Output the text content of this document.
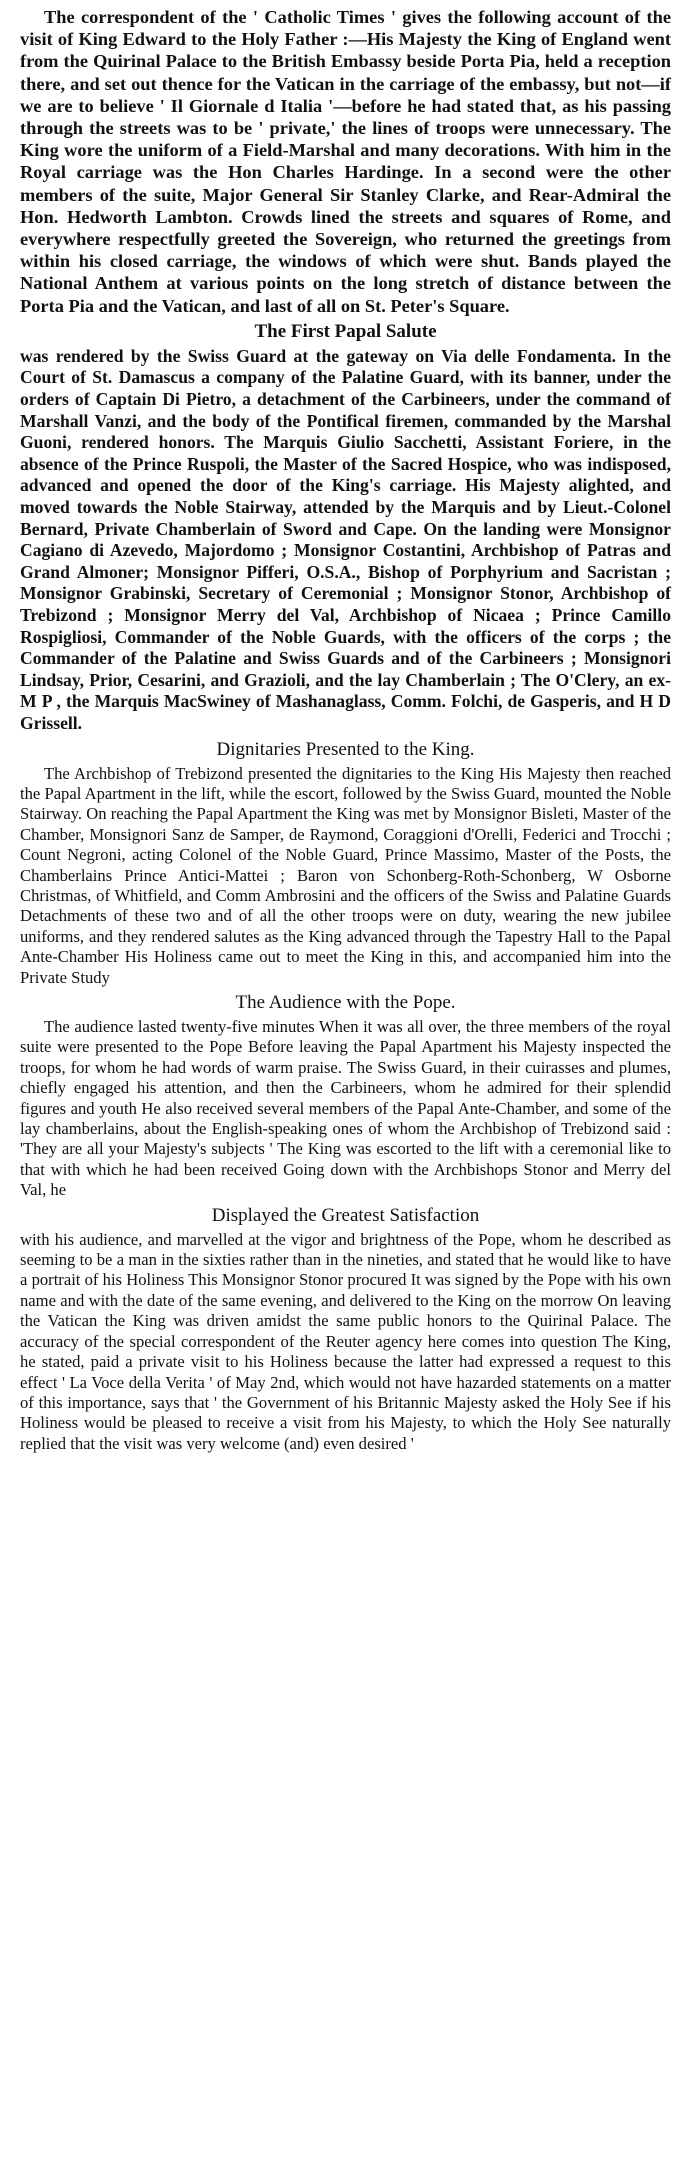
The correspondent of the ' Catholic Times ' gives the following account of the visit of King Edward to the Holy Father :—His Majesty the King of England went from the Quirinal Palace to the British Embassy beside Porta Pia, held a reception there, and set out thence for the Vatican in the carriage of the embassy, but not—if we are to believe ' Il Giornale d Italia '—before he had stated that, as his passing through the streets was to be ' private,' the lines of troops were unnecessary. The King wore the uniform of a Field-Marshal and many decorations. With him in the Royal carriage was the Hon Charles Hardinge. In a second were the other members of the suite, Major General Sir Stanley Clarke, and Rear-Admiral the Hon. Hedworth Lambton. Crowds lined the streets and squares of Rome, and everywhere respectfully greeted the Sovereign, who returned the greetings from within his closed carriage, the windows of which were shut. Bands played the National Anthem at various points on the long stretch of distance between the Porta Pia and the Vatican, and last of all on St. Peter's Square.

The First Papal Salute

was rendered by the Swiss Guard at the gateway on Via delle Fondamenta. In the Court of St. Damascus a company of the Palatine Guard, with its banner, under the orders of Captain Di Pietro, a detachment of the Carbineers, under the command of Marshall Vanzi, and the body of the Pontifical firemen, commanded by the Marshal Guoni, rendered honors. The Marquis Giulio Sacchetti, Assistant Foriere, in the absence of the Prince Ruspoli, the Master of the Sacred Hospice, who was indisposed, advanced and opened the door of the King's carriage. His Majesty alighted, and moved towards the Noble Stairway, attended by the Marquis and by Lieut.-Colonel Bernard, Private Chamberlain of Sword and Cape. On the landing were Monsignor Cagiano di Azevedo, Majordomo ; Monsignor Costantini, Archbishop of Patras and Grand Almoner; Monsignor Pifferi, O.S.A., Bishop of Porphyrium and Sacristan ; Monsignor Grabinski, Secretary of Ceremonial ; Monsignor Stonor, Archbishop of Trebizond ; Monsignor Merry del Val, Archbishop of Nicaea ; Prince Camillo Rospigliosi, Commander of the Noble Guards, with the officers of the corps ; the Commander of the Palatine and Swiss Guards and of the Carbineers ; Monsignori Lindsay, Prior, Cesarini, and Grazioli, and the lay Chamberlain ; The O'Clery, an ex-M P , the Marquis MacSwiney of Mashanaglass, Comm. Folchi, de Gasperis, and H D Grissell.

Dignitaries Presented to the King.

The Archbishop of Trebizond presented the dignitaries to the King His Majesty then reached the Papal Apartment in the lift, while the escort, followed by the Swiss Guard, mounted the Noble Stairway. On reaching the Papal Apartment the King was met by Monsignor Bisleti, Master of the Chamber, Monsignori Sanz de Samper, de Raymond, Coraggioni d'Orelli, Federici and Trocchi ; Count Negroni, acting Colonel of the Noble Guard, Prince Massimo, Master of the Posts, the Chamberlains Prince Antici-Mattei ; Baron von Schonberg-Roth-Schonberg, W Osborne Christmas, of Whitfield, and Comm Ambrosini and the officers of the Swiss and Palatine Guards Detachments of these two and of all the other troops were on duty, wearing the new jubilee uniforms, and they rendered salutes as the King advanced through the Tapestry Hall to the Papal Ante-Chamber His Holiness came out to meet the King in this, and accompanied him into the Private Study

The Audience with the Pope.

The audience lasted twenty-five minutes When it was all over, the three members of the royal suite were presented to the Pope Before leaving the Papal Apartment his Majesty inspected the troops, for whom he had words of warm praise. The Swiss Guard, in their cuirasses and plumes, chiefly engaged his attention, and then the Carbineers, whom he admired for their splendid figures and youth He also received several members of the Papal Ante-Chamber, and some of the lay chamberlains, about the English-speaking ones of whom the Archbishop of Trebizond said : 'They are all your Majesty's subjects ' The King was escorted to the lift with a ceremonial like to that with which he had been received Going down with the Archbishops Stonor and Merry del Val, he

Displayed the Greatest Satisfaction

with his audience, and marvelled at the vigor and brightness of the Pope, whom he described as seeming to be a man in the sixties rather than in the nineties, and stated that he would like to have a portrait of his Holiness This Monsignor Stonor procured It was signed by the Pope with his own name and with the date of the same evening, and delivered to the King on the morrow On leaving the Vatican the King was driven amidst the same public honors to the Quirinal Palace. The accuracy of the special correspondent of the Reuter agency here comes into question The King, he stated, paid a private visit to his Holiness because the latter had expressed a request to this effect ' La Voce della Verita ' of May 2nd, which would not have hazarded statements on a matter of this importance, says that ' the Government of his Britannic Majesty asked the Holy See if his Holiness would be pleased to receive a visit from his Majesty, to which the Holy See naturally replied that the visit was very welcome (and) even desired '
